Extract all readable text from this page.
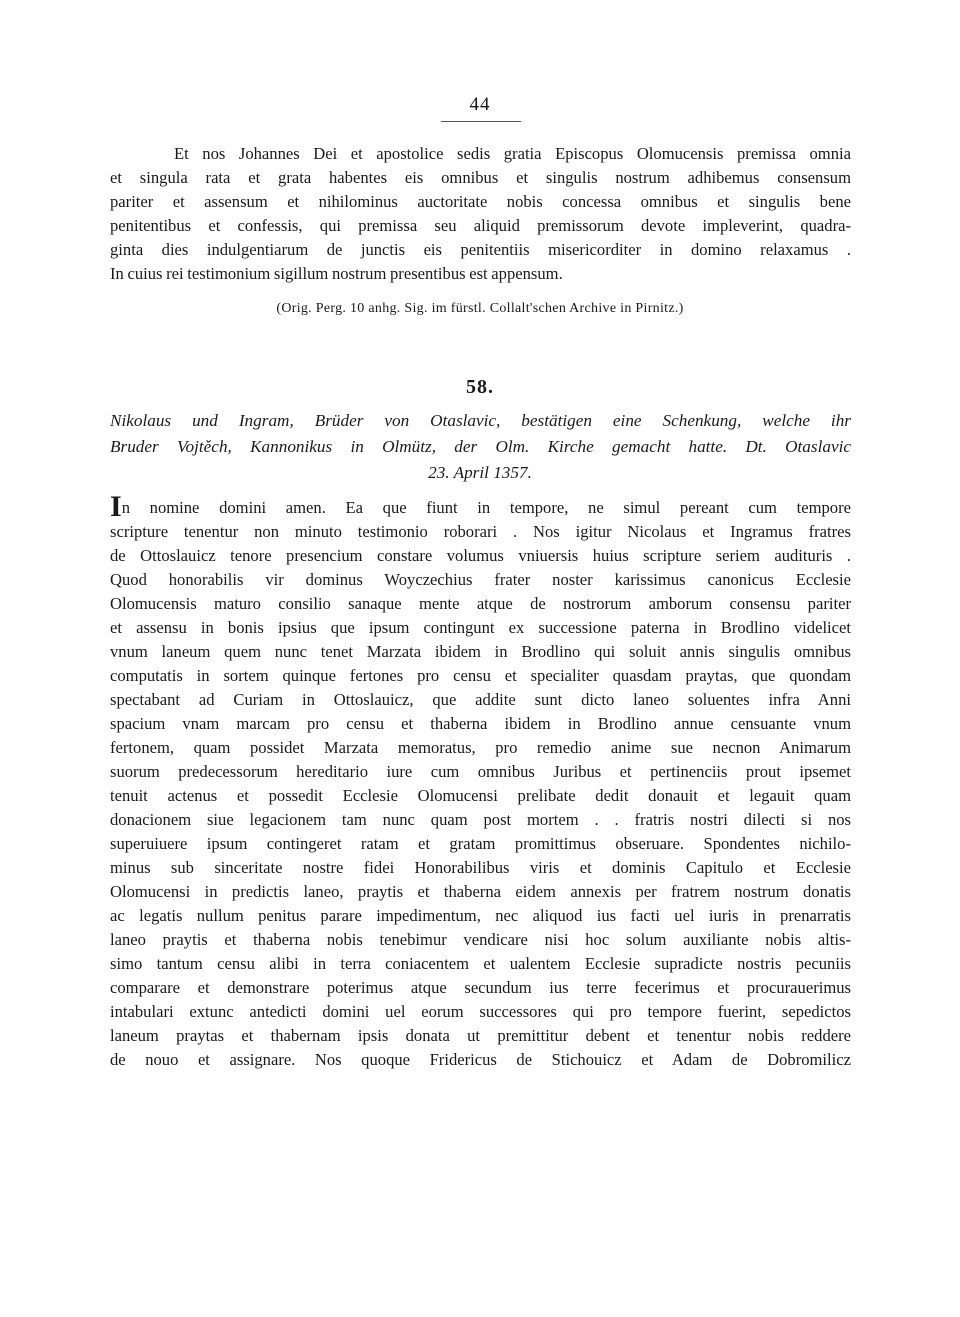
44
Et nos Johannes Dei et apostolice sedis gratia Episcopus Olomucensis premissa omnia
et singula rata et grata habentes eis omnibus et singulis nostrum adhibemus consensum
pariter et assensum et nihilominus auctoritate nobis concessa omnibus et singulis bene
penitentibus et confessis, qui premissa seu aliquid premissorum devote impleverint, quadra-
ginta dies indulgentiarum de junctis eis penitentiis misericorditer in domino relaxamus .
In cuius rei testimonium sigillum nostrum presentibus est appensum.
(Orig. Perg. 10 anhg. Sig. im fürstl. Collalt'schen Archive in Pirnitz.)
58.
Nikolaus und Ingram, Brüder von Otaslavic, bestätigen eine Schenkung, welche ihr
Bruder Vojtěch, Kannonikus in Olmütz, der Olm. Kirche gemacht hatte. Dt. Otaslavic
23. April 1357.
In nomine domini amen. Ea que fiunt in tempore, ne simul pereant cum tempore
scripture tenentur non minuto testimonio roborari . Nos igitur Nicolaus et Ingramus fratres
de Ottoslauicz tenore presencium constare volumus vniuersis huius scripture seriem audituris .
Quod honorabilis vir dominus Woyczechius frater noster karissimus canonicus Ecclesie
Olomucensis maturo consilio sanaque mente atque de nostrorum amborum consensu pariter
et assensu in bonis ipsius que ipsum contingunt ex successione paterna in Brodlino videlicet
vnum laneum quem nunc tenet Marzata ibidem in Brodlino qui soluit annis singulis omnibus
computatis in sortem quinque fertones pro censu et specialiter quasdam praytas, que quondam
spectabant ad Curiam in Ottoslauicz, que addite sunt dicto laneo soluentes infra Anni
spacium vnam marcam pro censu et thaberna ibidem in Brodlino annue censuante vnum
fertonem, quam possidet Marzata memoratus, pro remedio anime sue necnon Animarum
suorum predecessorum hereditario iure cum omnibus Juribus et pertinenciis prout ipsemet
tenuit actenus et possedit Ecclesie Olomucensi prelibate dedit donauit et legauit quam
donacionem siue legacionem tam nunc quam post mortem . . fratris nostri dilecti si nos
superuiuere ipsum contingeret ratam et gratam promittimus obseruare. Spondentes nichilo-
minus sub sinceritate nostre fidei Honorabilibus viris et dominis Capitulo et Ecclesie
Olomucensi in predictis laneo, praytis et thaberna eidem annexis per fratrem nostrum donatis
ac legatis nullum penitus parare impedimentum, nec aliquod ius facti uel iuris in prenarratis
laneo praytis et thaberna nobis tenebimur vendicare nisi hoc solum auxiliante nobis altis-
simo tantum censu alibi in terra coniacentem et ualentem Ecclesie supradicte nostris pecuniis
comparare et demonstrare poterimus atque secundum ius terre fecerimus et procurauerimus
intabulari extunc antedicti domini uel eorum successores qui pro tempore fuerint, sepedictos
laneum praytas et thabernam ipsis donata ut premittitur debent et tenentur nobis reddere
de nouo et assignare. Nos quoque Fridericus de Stichouicz et Adam de Dobromilicz
